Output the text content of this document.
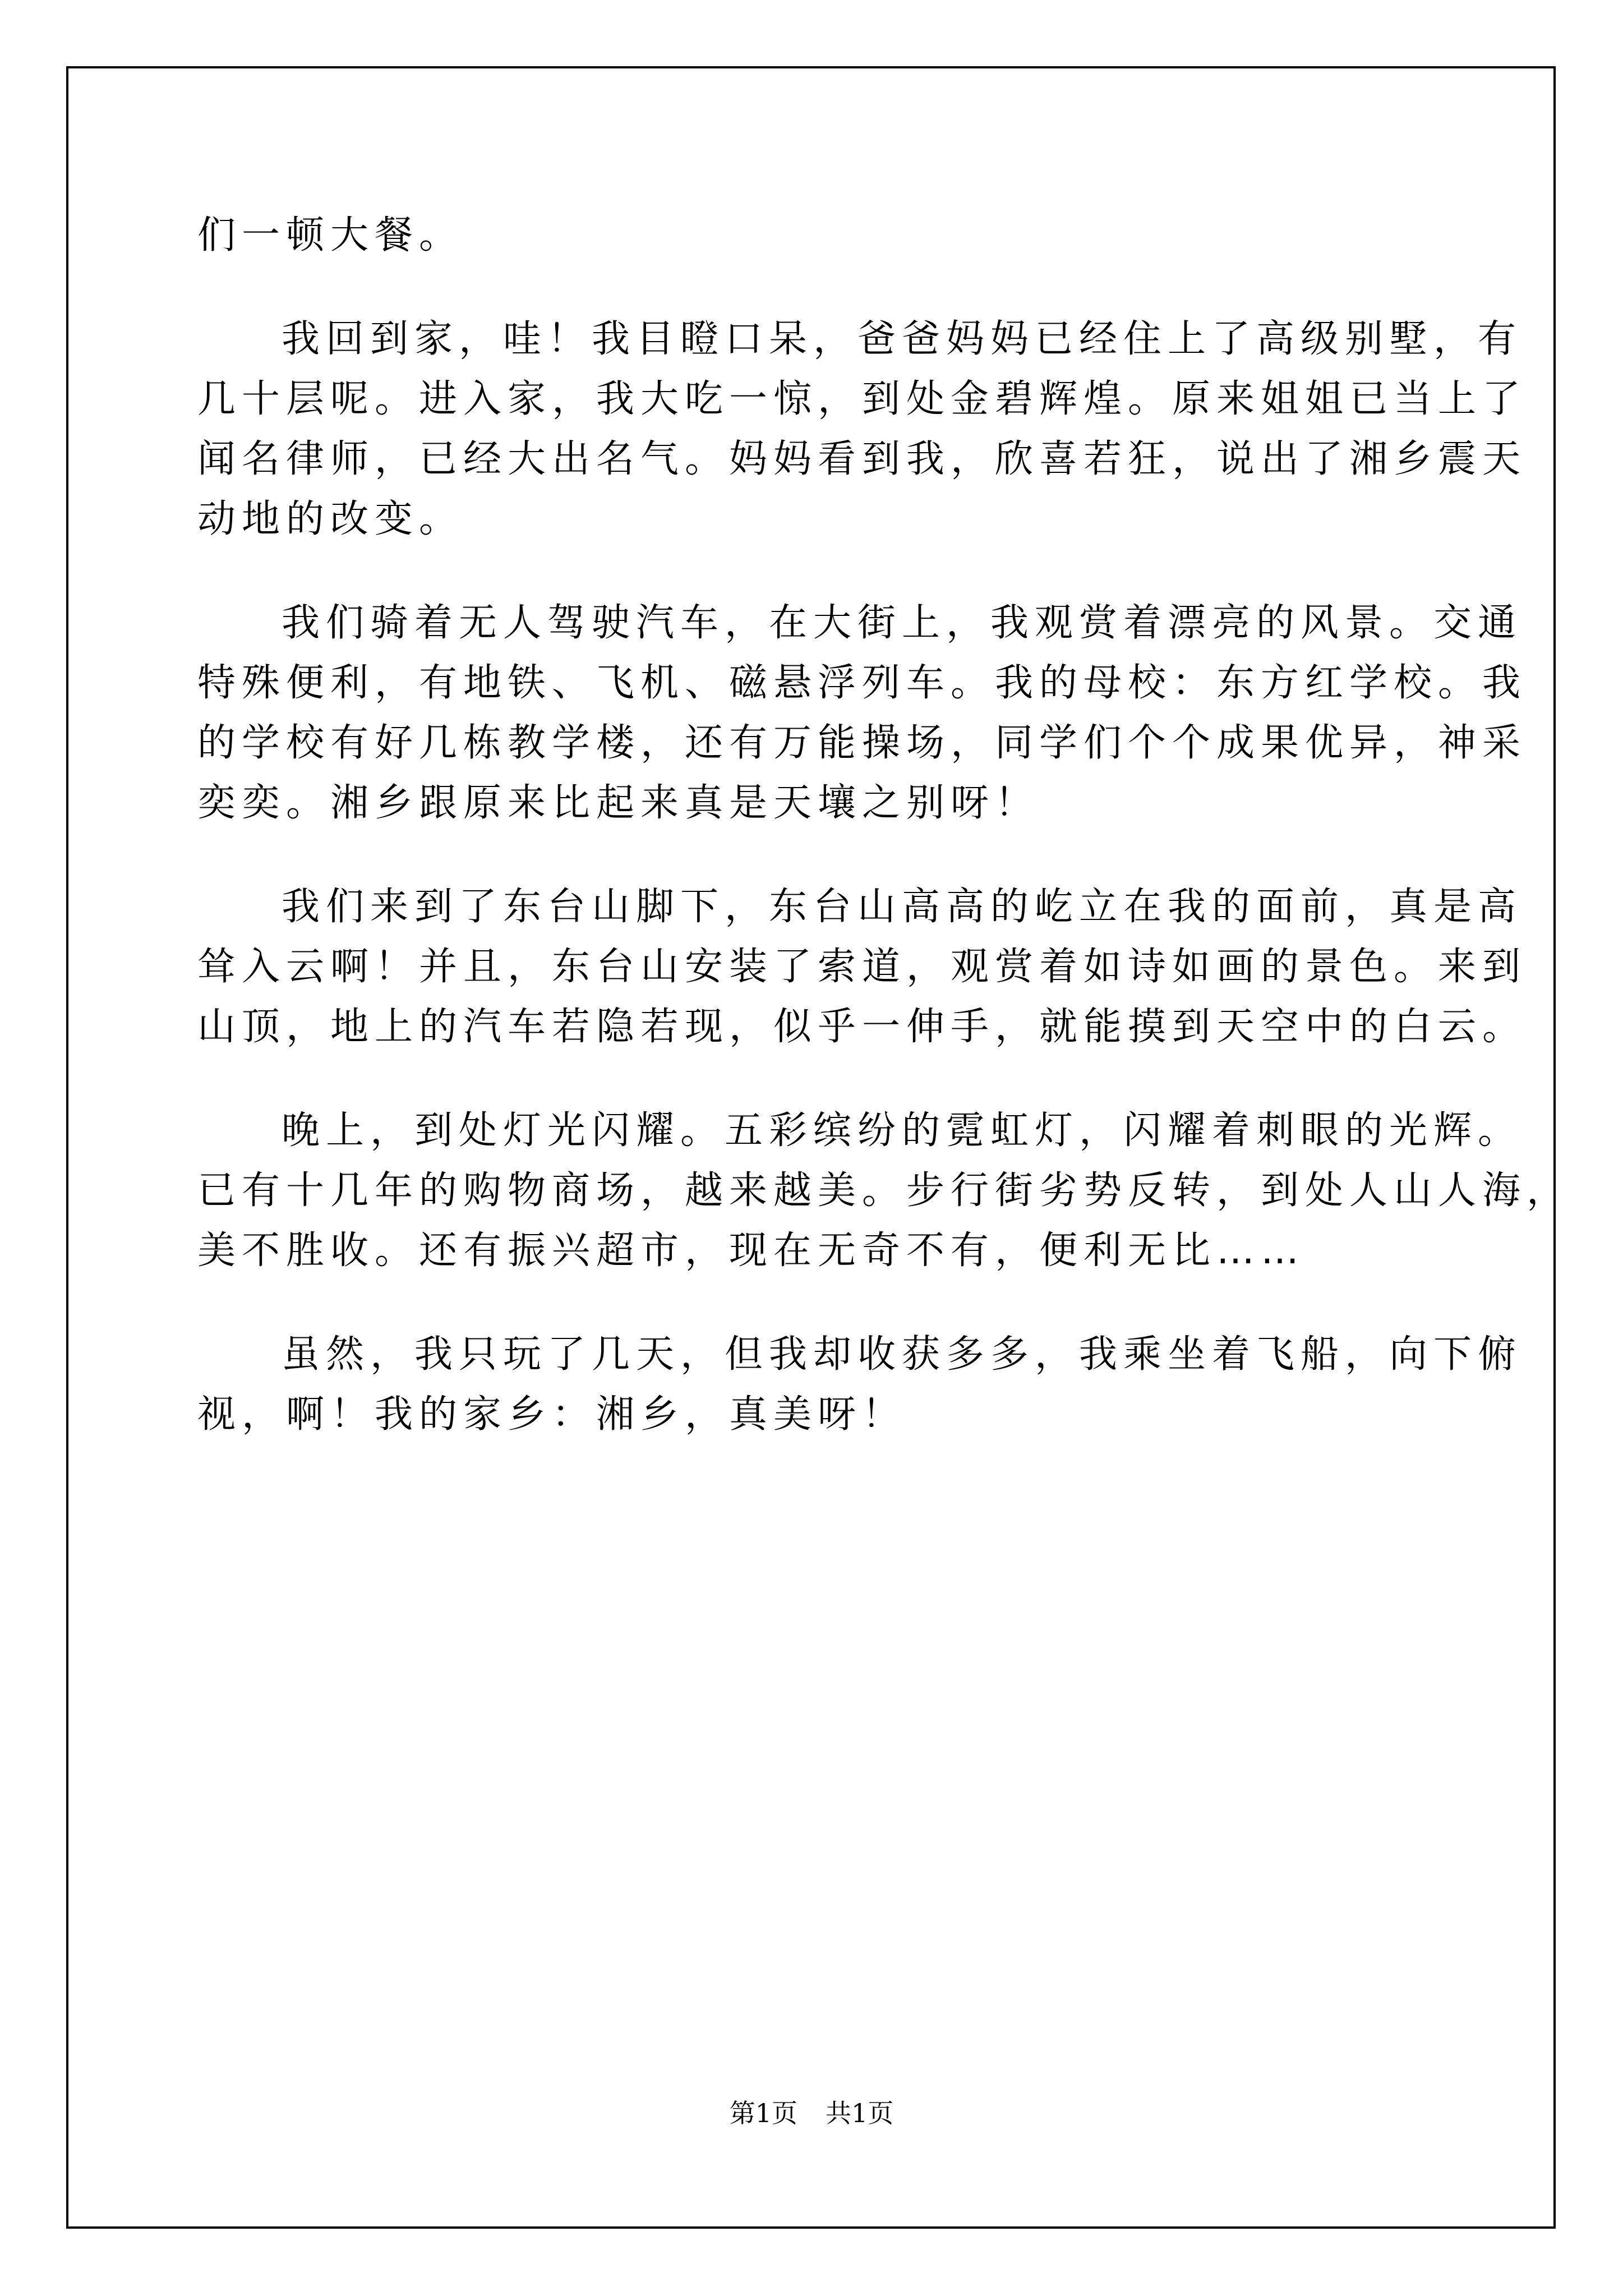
们一顿大餐。
我回到家，哇！我目瞪口呆，爸爸妈妈已经住上了高级别墅，有
几十层呢。进入家，我大吃一惊，到处金碧辉煌。原来姐姐已当上了
闻名律师，已经大出名气。妈妈看到我，欣喜若狂，说出了湘乡震天
动地的改变。
我们骑着无人驾驶汽车，在大街上，我观赏着漂亮的风景。交通
特殊便利，有地铁、飞机、磁悬浮列车。我的母校：东方红学校。我
的学校有好几栋教学楼，还有万能操场，同学们个个成果优异，神采
奕奕。湘乡跟原来比起来真是天壤之别呀！
我们来到了东台山脚下，东台山高高的屹立在我的面前，真是高
耸入云啊！并且，东台山安装了索道，观赏着如诗如画的景色。来到
山顶，地上的汽车若隐若现，似乎一伸手，就能摸到天空中的白云。
晚上，到处灯光闪耀。五彩缤纷的霓虹灯，闪耀着刺眼的光辉。
已有十几年的购物商场，越来越美。步行街劣势反转，到处人山人海，
美不胜收。还有振兴超市，现在无奇不有，便利无比……
虽然，我只玩了几天，但我却收获多多，我乘坐着飞船，向下俯
视，啊！我的家乡：湘乡，真美呀！
第1页 共1页
